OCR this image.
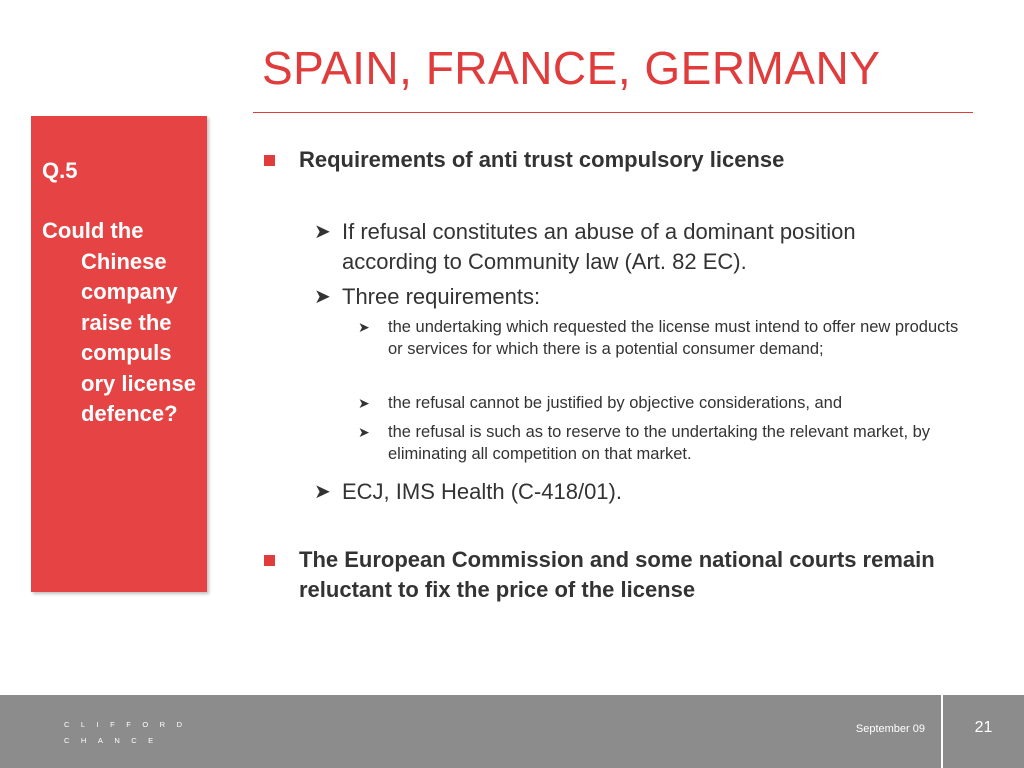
SPAIN, FRANCE, GERMANY
Q.5
Could the Chinese company raise the compuls ory license defence?
Requirements of anti trust compulsory license
➤ If refusal constitutes an abuse of a dominant position according to Community law (Art. 82 EC).
➤ Three requirements:
➤	the undertaking which requested the license must intend to offer new products or services for which there is a potential consumer demand;
➤	the refusal cannot be justified by objective considerations, and
➤	the refusal is such as to reserve to the undertaking the relevant market, by eliminating all competition on that market.
➤ ECJ, IMS Health (C-418/01).
The European Commission and some national courts remain reluctant to fix the price of the license
CLIFFORD
CHANCE
September 09	21
